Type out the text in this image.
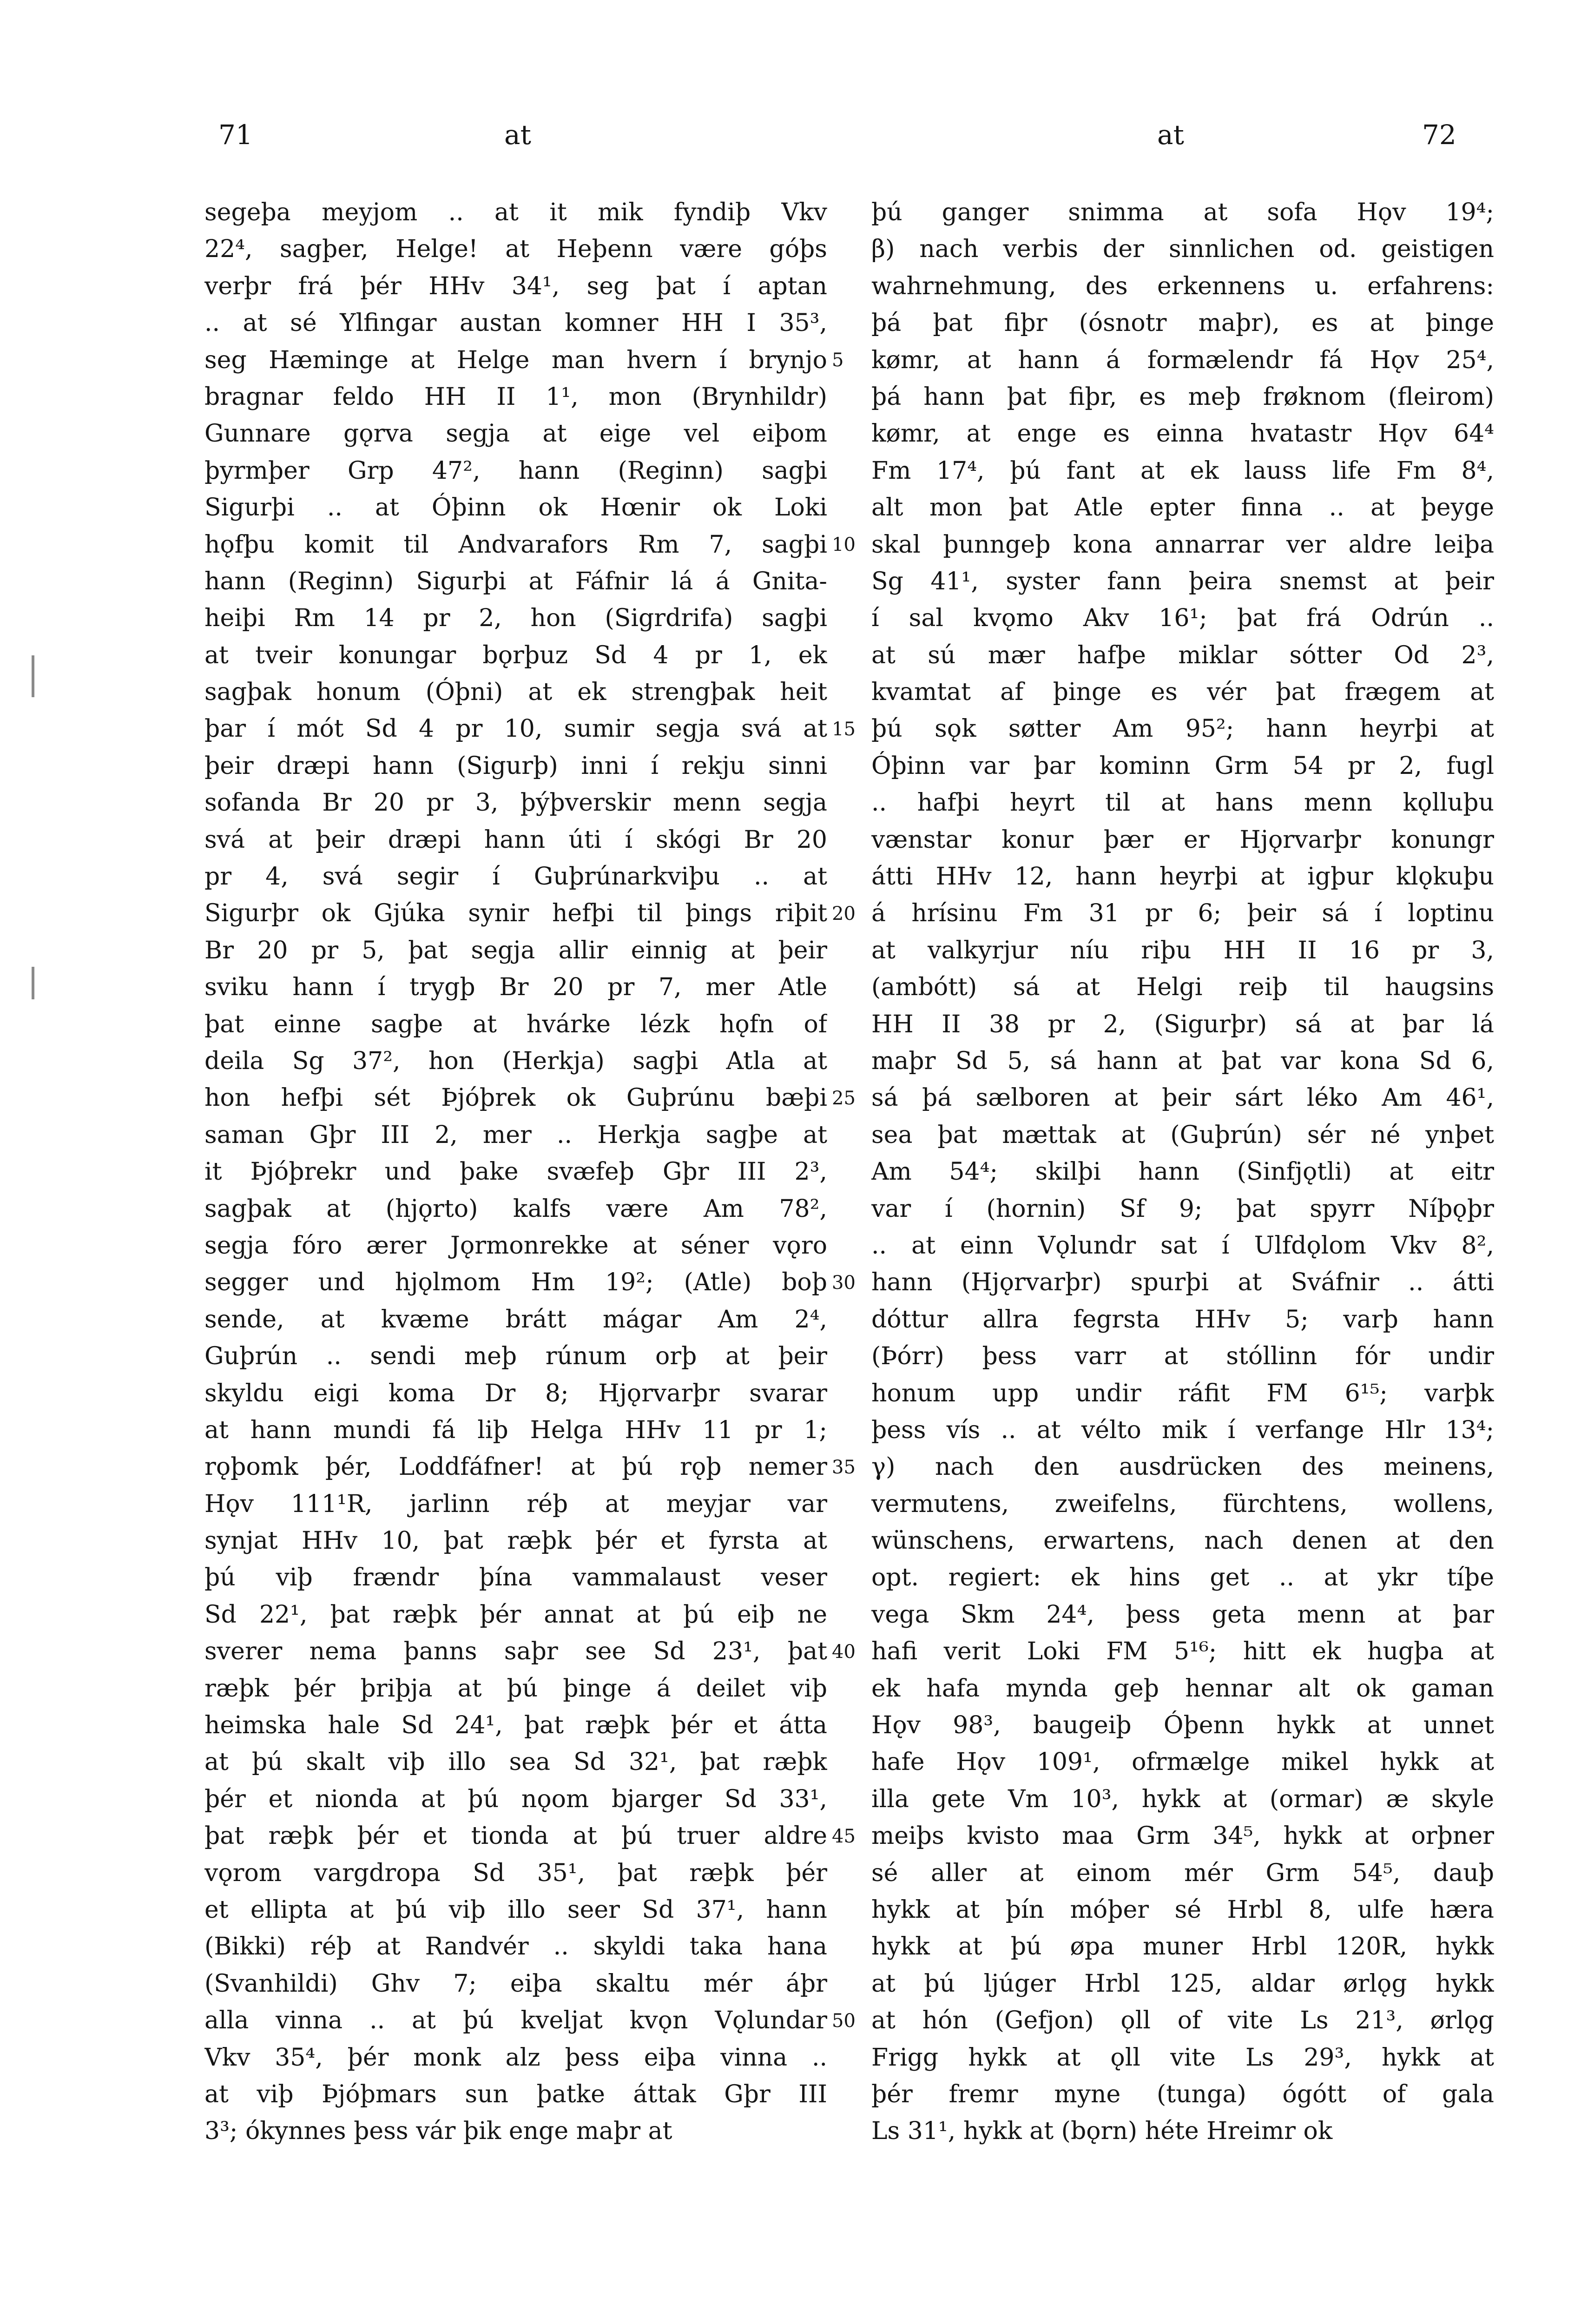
71	at	at	72
segeþa meyjom .. at it mik fyndiþ Vkv
22⁴, sagþer, Helge! at Heþenn være góþs
verþr frá þér HHv 34¹, seg þat í aptan
.. at sé Ylfingar austan komner HH I 35³,
seg Hæminge at Helge man hvern í brynjo
bragnar feldo HH II 1¹, mon (Brynhildr)
Gunnare gǫrva segja at eige vel eiþom
þyrmþer Grp 47², hann (Reginn) sagþi
Sigurþi .. at Óþinn ok Hœnir ok Loki
hǫfþu komit til Andvarafors Rm 7, sagþi
hann (Reginn) Sigurþi at Fáfnir lá á Gnita-
heiþi Rm 14 pr 2, hon (Sigrdrifa) sagþi
at tveir konungar bǫrþuz Sd 4 pr 1, ek
sagþak honum (Óþni) at ek strengþak heit
þar í mót Sd 4 pr 10, sumir segja svá at
þeir dræpi hann (Sigurþ) inni í rekju sinni
sofanda Br 20 pr 3, þýþverskir menn segja
svá at þeir dræpi hann úti í skógi Br 20
pr 4, svá segir í Guþrúnarkviþu .. at
Sigurþr ok Gjúka synir hefþi til þings riþit
Br 20 pr 5, þat segja allir einnig at þeir
sviku hann í trygþ Br 20 pr 7, mer Atle
þat einne sagþe at hvárke lézk hǫfn of
deila Sg 37², hon (Herkja) sagþi Atla at
hon hefþi sét Þjóþrek ok Guþrúnu bæþi
saman Gþr III 2, mer .. Herkja sagþe at
it Þjóþrekr und þake svæfeþ Gþr III 2³,
sagþak at (hjǫrto) kalfs være Am 78²,
segja fóro ærer Jǫrmonrekke at séner vǫro
segger und hjǫlmom Hm 19²; (Atle) boþ
sende, at kvæme brátt mágar Am 2⁴,
Guþrún .. sendi meþ rúnum orþ at þeir
skyldu eigi koma Dr 8; Hjǫrvarþr svarar
at hann mundi fá liþ Helga HHv 11 pr 1;
rǫþomk þér, Loddfáfner! at þú rǫþ nemer
Hǫv 111¹R, jarlinn réþ at meyjar var
synjat HHv 10, þat ræþk þér et fyrsta at
þú viþ frændr þína vammalaust veser
Sd 22¹, þat ræþk þér annat at þú eiþ ne
sverer nema þanns saþr see Sd 23¹, þat
ræþk þér þriþja at þú þinge á deilet viþ
heimska hale Sd 24¹, þat ræþk þér et átta
at þú skalt viþ illo sea Sd 32¹, þat ræþk
þér et nionda at þú nǫom bjarger Sd 33¹,
þat ræþk þér et tionda at þú truer aldre
vǫrom vargdropa Sd 35¹, þat ræþk þér
et ellipta at þú viþ illo seer Sd 37¹, hann
(Bikki) réþ at Randvér .. skyldi taka hana
(Svanhildi) Ghv 7; eiþa skaltu mér áþr
alla vinna .. at þú kveljat kvǫn Vǫlundar
Vkv 35⁴, þér monk alz þess eiþa vinna ..
at viþ Þjóþmars sun þatke áttak Gþr III
3³; ókynnes þess vár þik enge maþr at
5
10
15
20
25
30
35
40
45
50
þú ganger snimma at sofa Hǫv 19⁴;
β) nach verbis der sinnlichen od. geistigen
wahrnehmung, des erkennens u. erfahrens:
þá þat fiþr (ósnotr maþr), es at þinge
kømr, at hann á formælendr fá Hǫv 25⁴,
þá hann þat fiþr, es meþ frøknom (fleirom)
kømr, at enge es einna hvatastr Hǫv 64⁴
Fm 17⁴, þú fant at ek lauss life Fm 8⁴,
alt mon þat Atle epter finna .. at þeyge
skal þunngeþ kona annarrar ver aldre leiþa
Sg 41¹, syster fann þeira snemst at þeir
í sal kvǫmo Akv 16¹; þat frá Odrún ..
at sú mær hafþe miklar sótter Od 2³,
kvamtat af þinge es vér þat frægem at
þú sǫk søtter Am 95²; hann heyrþi at
Óþinn var þar kominn Grm 54 pr 2, fugl
.. hafþi heyrt til at hans menn kǫlluþu
vænstar konur þær er Hjǫrvarþr konungr
átti HHv 12, hann heyrþi at igþur klǫkuþu
á hrísinu Fm 31 pr 6; þeir sá í loptinu
at valkyrjur níu riþu HH II 16 pr 3,
(ambótt) sá at Helgi reiþ til haugsins
HH II 38 pr 2, (Sigurþr) sá at þar lá
maþr Sd 5, sá hann at þat var kona Sd 6,
sá þá sælboren at þeir sárt léko Am 46¹,
sea þat mættak at (Guþrún) sér né ynþet
Am 54⁴; skilþi hann (Sinfjǫtli) at eitr
var í (hornin) Sf 9; þat spyrr Níþǫþr
.. at einn Vǫlundr sat í Ulfdǫlom Vkv 8²,
hann (Hjǫrvarþr) spurþi at Sváfnir .. átti
dóttur allra fegrsta HHv 5; varþ hann
(Þórr) þess varr at stóllinn fór undir
honum upp undir ráfit FM 6¹⁵; varþk
þess vís .. at vélto mik í verfange Hlr 13⁴;
γ) nach den ausdrücken des meinens,
vermutens, zweifelns, fürchtens, wollens,
wünschens, erwartens, nach denen at den
opt. regiert: ek hins get .. at ykr tíþe
vega Skm 24⁴, þess geta menn at þar
hafi verit Loki FM 5¹⁶; hitt ek hugþa at
ek hafa mynda geþ hennar alt ok gaman
Hǫv 98³, baugeiþ Óþenn hykk at unnet
hafe Hǫv 109¹, ofrmælge mikel hykk at
illa gete Vm 10³, hykk at (ormar) æ skyle
meiþs kvisto maa Grm 34⁵, hykk at orþner
sé aller at einom mér Grm 54⁵, dauþ
hykk at þín móþer sé Hrbl 8, ulfe hæra
hykk at þú øpa muner Hrbl 120R, hykk
at þú ljúger Hrbl 125, aldar ørlǫg hykk
at hón (Gefjon) ǫll of vite Ls 21³, ørlǫg
Frigg hykk at ǫll vite Ls 29³, hykk at
þér fremr myne (tunga) ógótt of gala
Ls 31¹, hykk at (bǫrn) héte Hreimr ok
